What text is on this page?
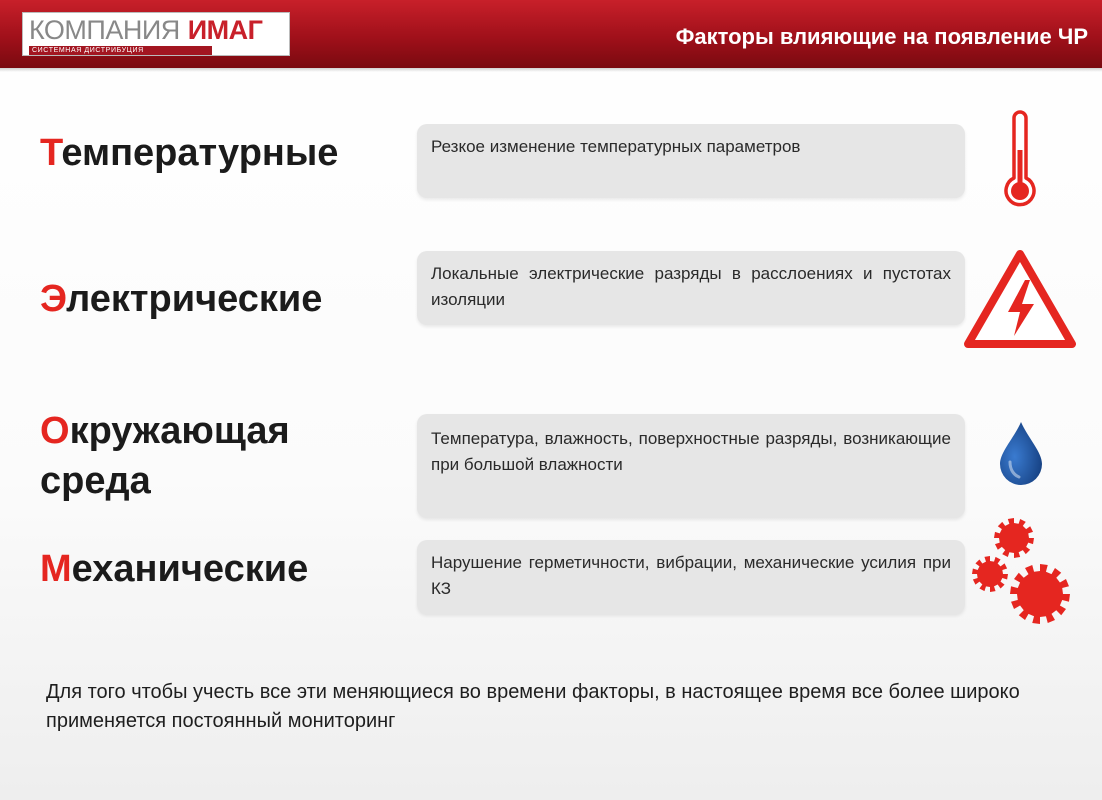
КОМПАНИЯ ИМАГ
СИСТЕМНАЯ ДИСТРИБУЦИЯ
Факторы влияющие на появление ЧР
Температурные	Резкое изменение температурных параметров
Электрические
Локальные электрические разряды в расслоениях и пустотах изоляции
Окружающая
среда
Температура, влажность, поверхностные разряды, возникающие при большой влажности
Механические	Нарушение герметичности, вибрации, механические усилия при КЗ
Для того чтобы учесть все эти меняющиеся во времени факторы, в настоящее время все более широко применяется постоянный мониторинг
